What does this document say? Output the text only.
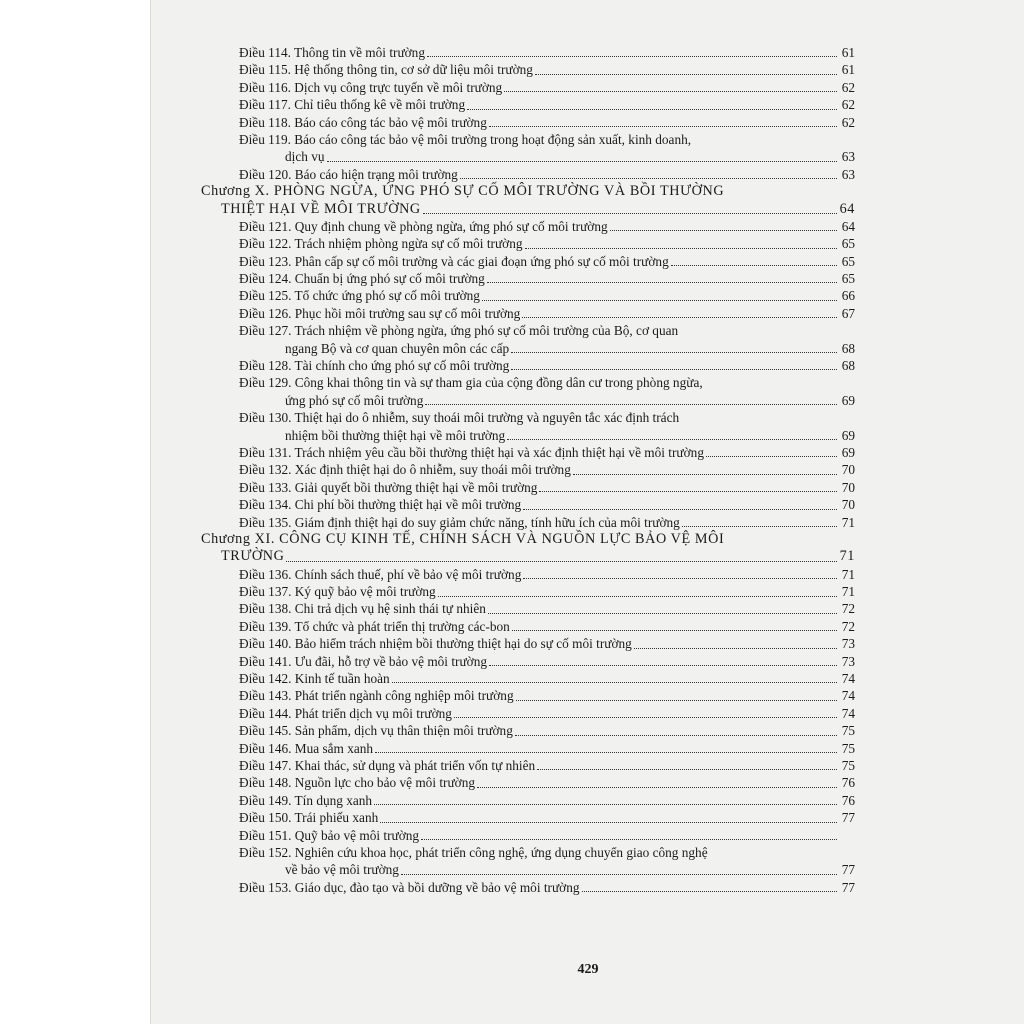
Điều 114. Thông tin về môi trường	61
Điều 115. Hệ thống thông tin, cơ sở dữ liệu môi trường	61
Điều 116. Dịch vụ công trực tuyến về môi trường	62
Điều 117. Chỉ tiêu thống kê về môi trường	62
Điều 118. Báo cáo công tác bảo vệ môi trường	62
Điều 119. Báo cáo công tác bảo vệ môi trường trong hoạt động sản xuất, kinh doanh,
dịch vụ	63
Điều 120. Báo cáo hiện trạng môi trường	63
Chương X. PHÒNG NGỪA, ỨNG PHÓ SỰ CỐ MÔI TRƯỜNG VÀ BỒI THƯỜNG
THIỆT HẠI VỀ MÔI TRƯỜNG	64
Điều 121. Quy định chung về phòng ngừa, ứng phó sự cố môi trường	64
Điều 122. Trách nhiệm phòng ngừa sự cố môi trường	65
Điều 123. Phân cấp sự cố môi trường và các giai đoạn ứng phó sự cố môi trường	65
Điều 124. Chuẩn bị ứng phó sự cố môi trường	65
Điều 125. Tổ chức ứng phó sự cố môi trường	66
Điều 126. Phục hồi môi trường sau sự cố môi trường	67
Điều 127. Trách nhiệm về phòng ngừa, ứng phó sự cố môi trường của Bộ, cơ quan
ngang Bộ và cơ quan chuyên môn các cấp	68
Điều 128. Tài chính cho ứng phó sự cố môi trường	68
Điều 129. Công khai thông tin và sự tham gia của cộng đồng dân cư trong phòng ngừa,
ứng phó sự cố môi trường	69
Điều 130. Thiệt hại do ô nhiễm, suy thoái môi trường và nguyên tắc xác định trách
nhiệm bồi thường thiệt hại về môi trường	69
Điều 131. Trách nhiệm yêu cầu bồi thường thiệt hại và xác định thiệt hại về môi trường	69
Điều 132. Xác định thiệt hại do ô nhiễm, suy thoái môi trường	70
Điều 133. Giải quyết bồi thường thiệt hại về môi trường	70
Điều 134. Chi phí bồi thường thiệt hại về môi trường	70
Điều 135. Giám định thiệt hại do suy giảm chức năng, tính hữu ích của môi trường	71
Chương XI. CÔNG CỤ KINH TẾ, CHÍNH SÁCH VÀ NGUỒN LỰC BẢO VỆ MÔI
TRƯỜNG	71
Điều 136. Chính sách thuế, phí về bảo vệ môi trường	71
Điều 137. Ký quỹ bảo vệ môi trường	71
Điều 138. Chi trả dịch vụ hệ sinh thái tự nhiên	72
Điều 139. Tổ chức và phát triển thị trường các-bon	72
Điều 140. Bảo hiểm trách nhiệm bồi thường thiệt hại do sự cố môi trường	73
Điều 141. Ưu đãi, hỗ trợ về bảo vệ môi trường	73
Điều 142. Kinh tế tuần hoàn	74
Điều 143. Phát triển ngành công nghiệp môi trường	74
Điều 144. Phát triển dịch vụ môi trường	74
Điều 145. Sản phẩm, dịch vụ thân thiện môi trường	75
Điều 146. Mua sắm xanh	75
Điều 147. Khai thác, sử dụng và phát triển vốn tự nhiên	75
Điều 148. Nguồn lực cho bảo vệ môi trường	76
Điều 149. Tín dụng xanh	76
Điều 150. Trái phiếu xanh	77
Điều 151. Quỹ bảo vệ môi trường
Điều 152. Nghiên cứu khoa học, phát triển công nghệ, ứng dụng chuyển giao công nghệ
về bảo vệ môi trường	77
Điều 153. Giáo dục, đào tạo và bồi dưỡng về bảo vệ môi trường	77
429
